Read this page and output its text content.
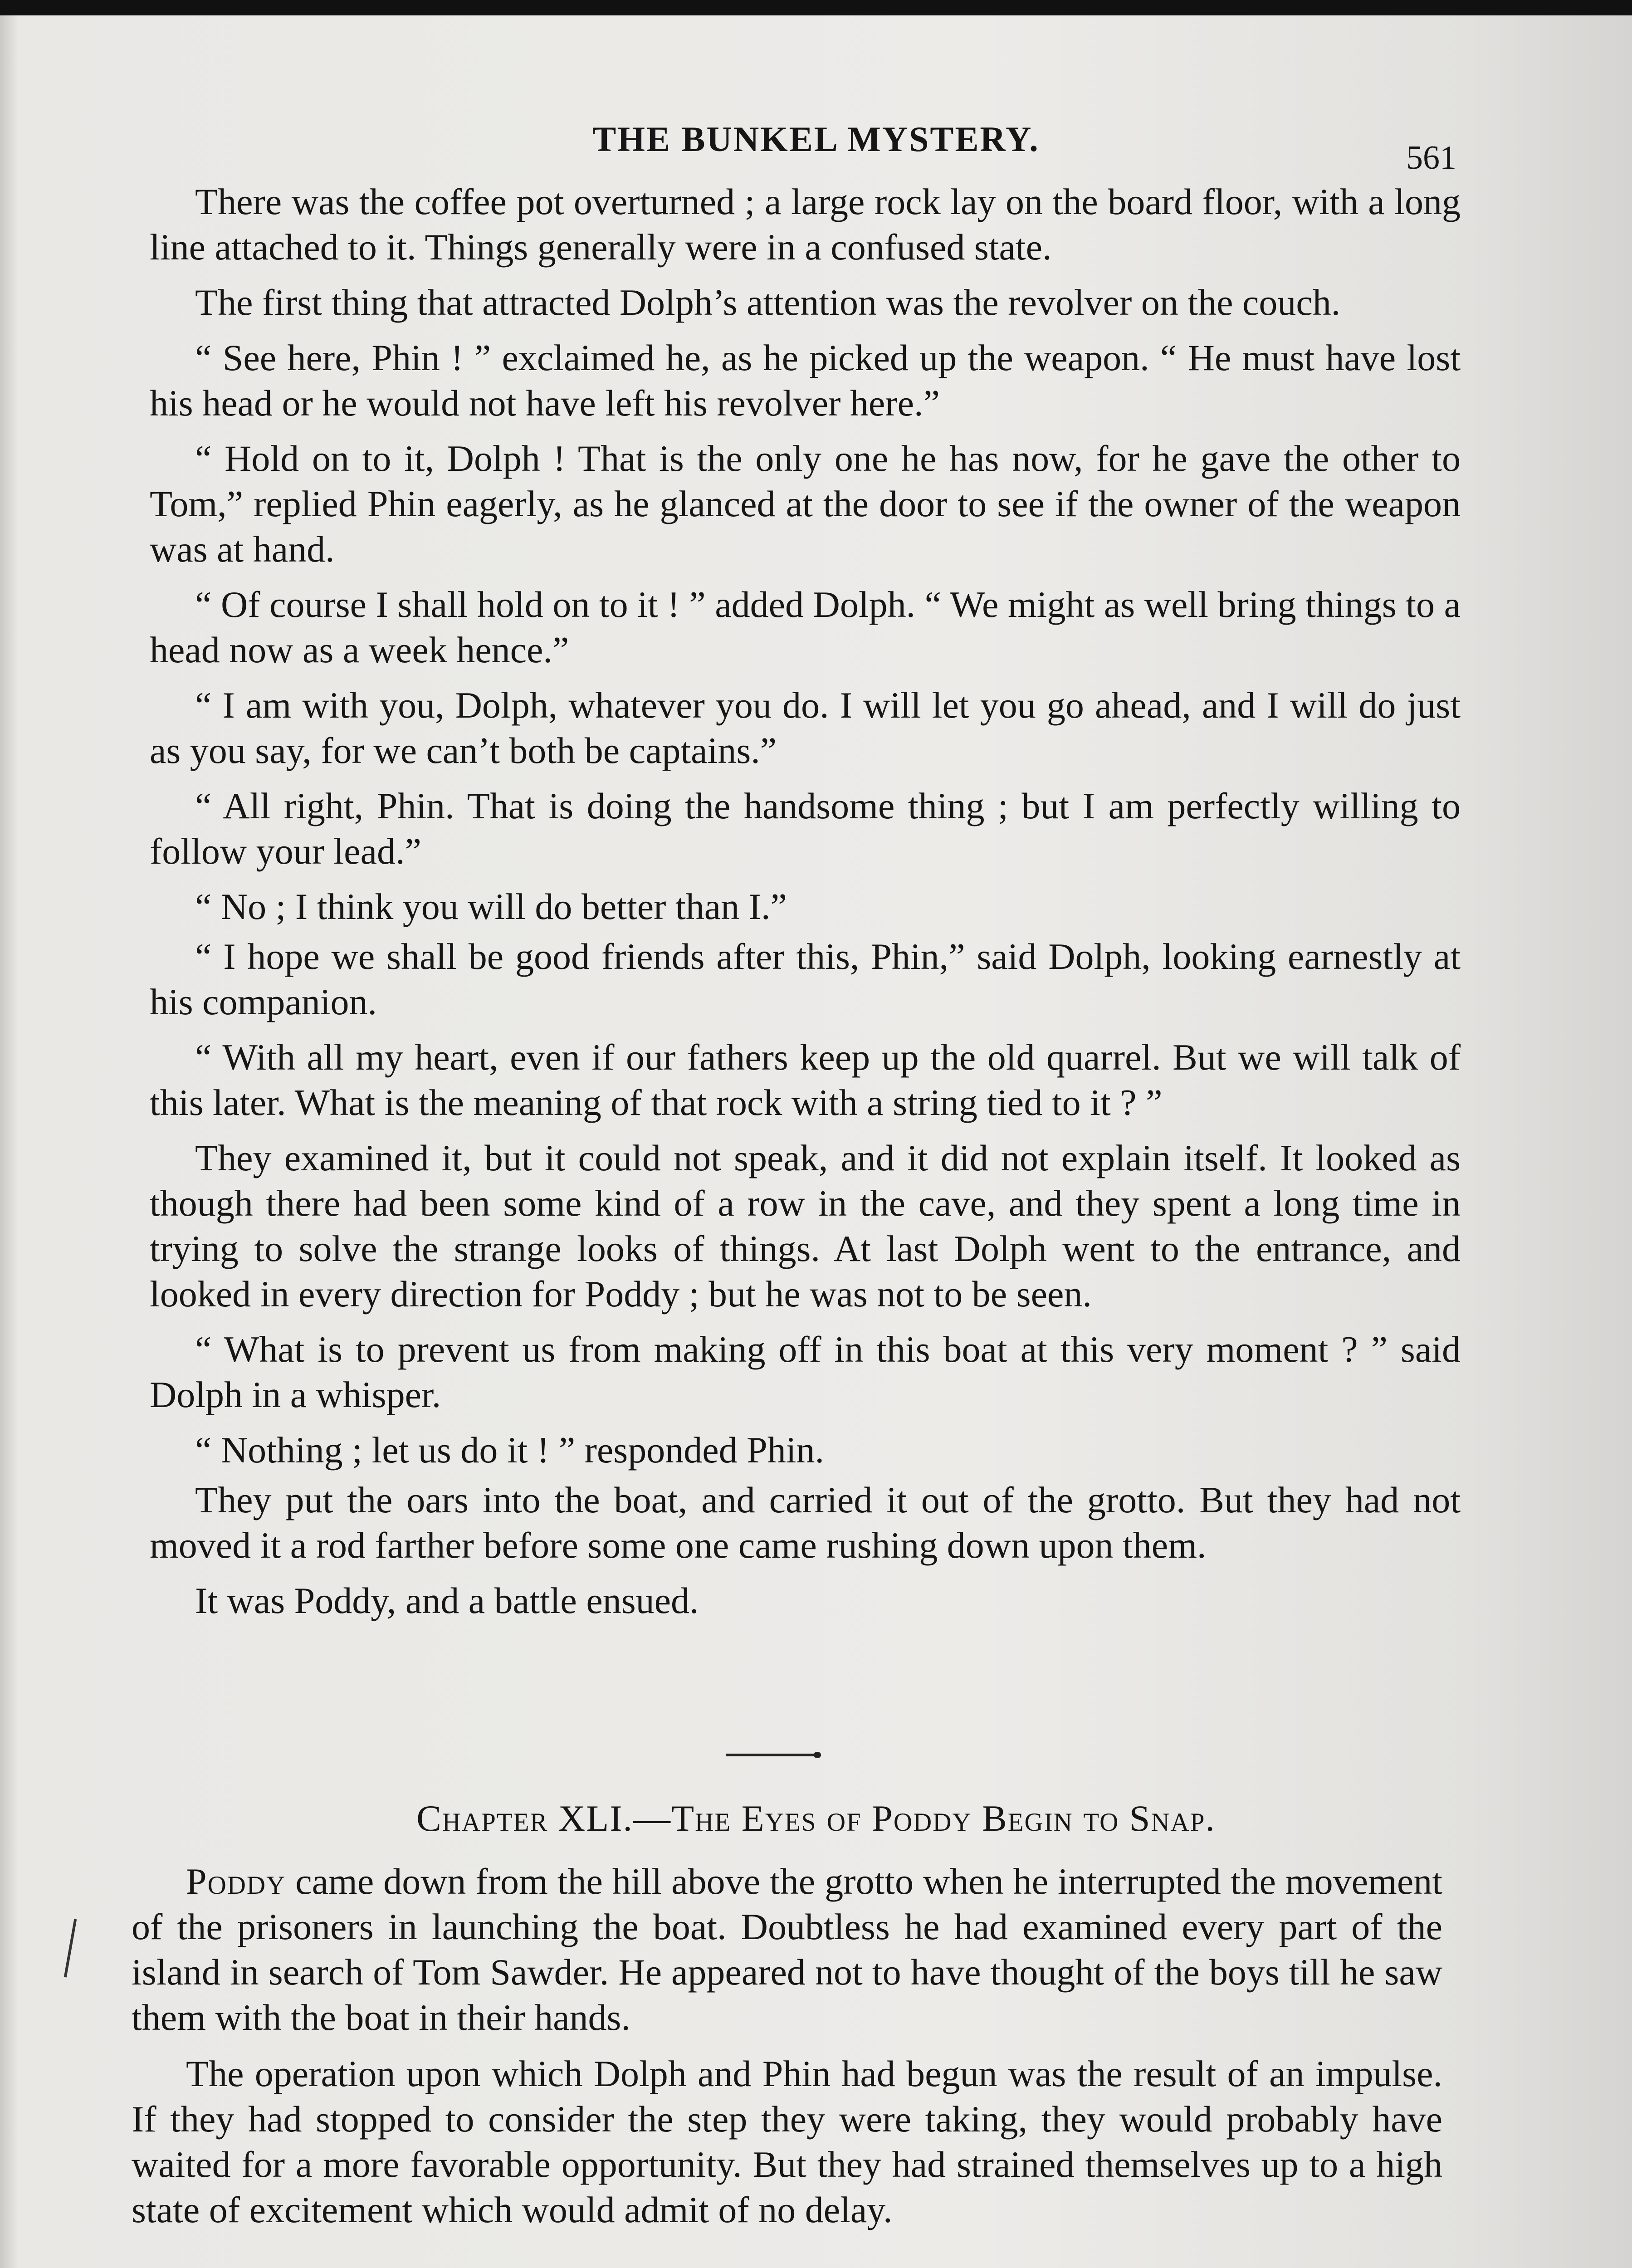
THE BUNKEL MYSTERY.	561

There was the coffee pot overturned ; a large rock lay on the board floor, with a long line attached to it. Things generally were in a confused state.

The first thing that attracted Dolph’s attention was the revolver on the couch.

“ See here, Phin ! ” exclaimed he, as he picked up the weapon. “ He must have lost his head or he would not have left his revolver here.”

“ Hold on to it, Dolph ! That is the only one he has now, for he gave the other to Tom,” replied Phin eagerly, as he glanced at the door to see if the owner of the weapon was at hand.

“ Of course I shall hold on to it ! ” added Dolph. “ We might as well bring things to a head now as a week hence.”

“ I am with you, Dolph, whatever you do. I will let you go ahead, and I will do just as you say, for we can’t both be captains.”

“ All right, Phin. That is doing the handsome thing ; but I am perfectly willing to follow your lead.”

“ No ; I think you will do better than I.”

“ I hope we shall be good friends after this, Phin,” said Dolph, looking earnestly at his companion.

“ With all my heart, even if our fathers keep up the old quarrel. But we will talk of this later. What is the meaning of that rock with a string tied to it ? ”

They examined it, but it could not speak, and it did not explain itself. It looked as though there had been some kind of a row in the cave, and they spent a long time in trying to solve the strange looks of things. At last Dolph went to the entrance, and looked in every direction for Poddy ; but he was not to be seen.

“ What is to prevent us from making off in this boat at this very moment ? ” said Dolph in a whisper.

“ Nothing ; let us do it ! ” responded Phin.

They put the oars into the boat, and carried it out of the grotto. But they had not moved it a rod farther before some one came rushing down upon them.

It was Poddy, and a battle ensued.

Chapter XLI.—The Eyes of Poddy Begin to Snap.

Poddy came down from the hill above the grotto when he interrupted the movement of the prisoners in launching the boat. Doubtless he had examined every part of the island in search of Tom Sawder. He appeared not to have thought of the boys till he saw them with the boat in their hands.

The operation upon which Dolph and Phin had begun was the result of an impulse. If they had stopped to consider the step they were taking, they would probably have waited for a more favorable opportunity. But they had strained themselves up to a high state of excitement which would admit of no delay.
